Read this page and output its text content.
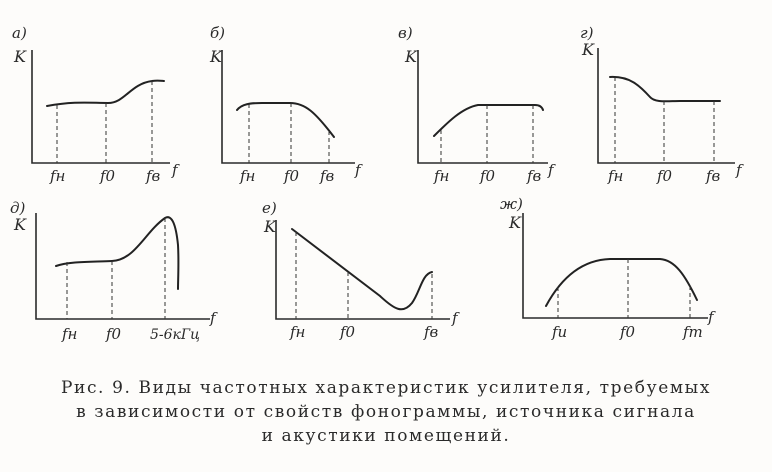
а)
K
fн f0 fв f
б)
K
fн f0 fв f
в)
K
fн f0 fв f
г)
K
fн f0 fв f
д)
K
fн f0 5-6кГц
f
е)
K
fн f0	fв
f
ж)
K
fи	f0	fт
f
Рис. 9. Виды частотных характеристик усилителя, требуемых
в зависимости от свойств фонограммы, источника сигнала
и акустики помещений.
